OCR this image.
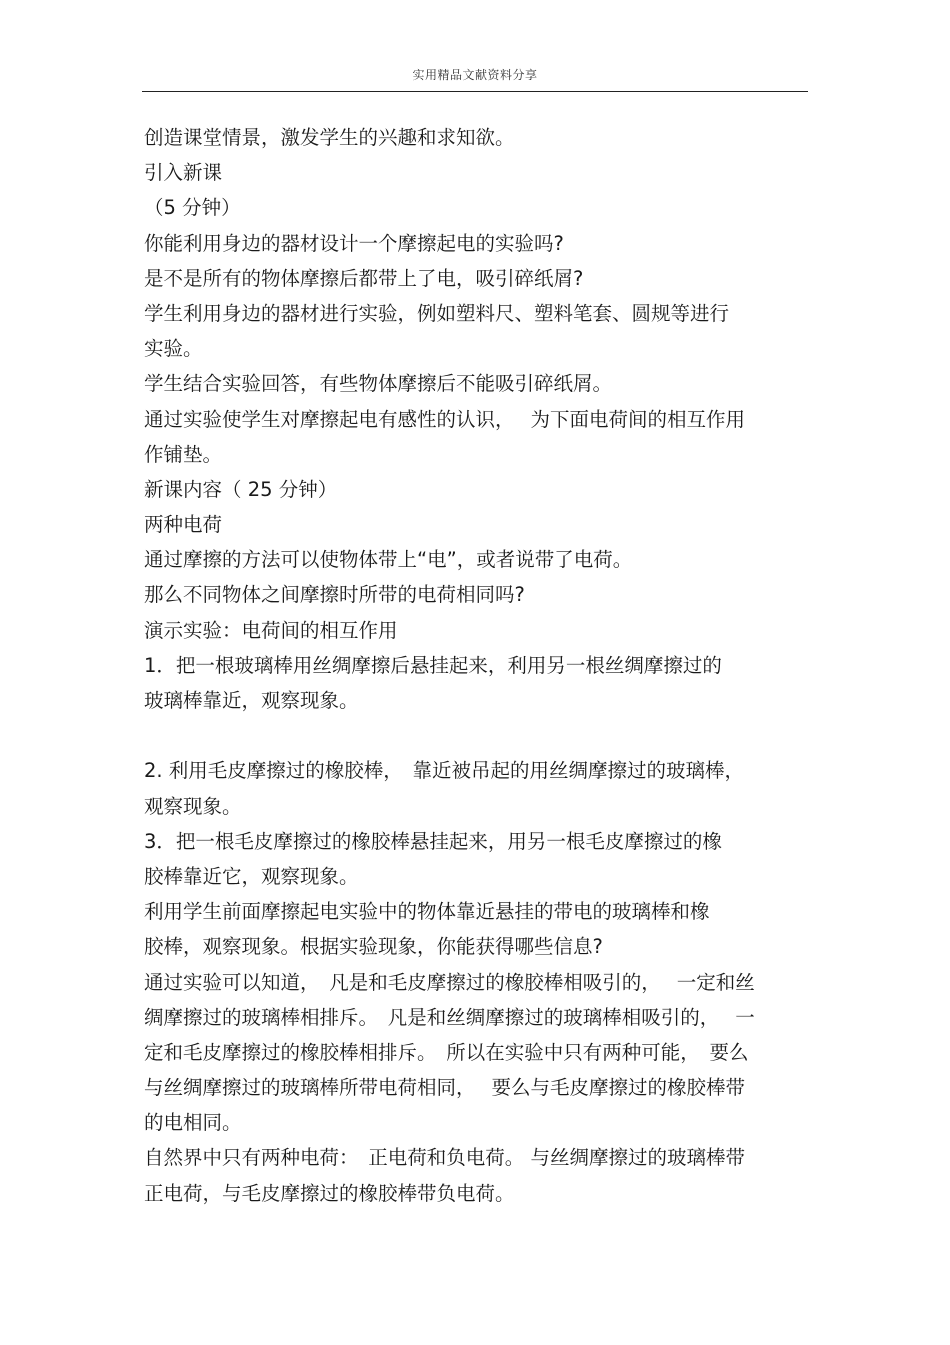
实用精品文献资料分享
创造课堂情景，激发学生的兴趣和求知欲。
引入新课
（5 分钟）
你能利用身边的器材设计一个摩擦起电的实验吗?
是不是所有的物体摩擦后都带上了电，吸引碎纸屑?
学生利用身边的器材进行实验，例如塑料尺、塑料笔套、圆规等进行
实验。
学生结合实验回答，有些物体摩擦后不能吸引碎纸屑。
通过实验使学生对摩擦起电有感性的认识，　 为下面电荷间的相互作用
作铺垫。
新课内容（ 25 分钟）
两种电荷
通过摩擦的方法可以使物体带上“电”，或者说带了电荷。
那么不同物体之间摩擦时所带的电荷相同吗?
演示实验：电荷间的相互作用
1．把一根玻璃棒用丝绸摩擦后悬挂起来，利用另一根丝绸摩擦过的
玻璃棒靠近，观察现象。
2. 利用毛皮摩擦过的橡胶棒，　靠近被吊起的用丝绸摩擦过的玻璃棒，
观察现象。
3．把一根毛皮摩擦过的橡胶棒悬挂起来，用另一根毛皮摩擦过的橡
胶棒靠近它，观察现象。
利用学生前面摩擦起电实验中的物体靠近悬挂的带电的玻璃棒和橡
胶棒，观察现象。根据实验现象，你能获得哪些信息?
通过实验可以知道，　凡是和毛皮摩擦过的橡胶棒相吸引的，　 一定和丝
绸摩擦过的玻璃棒相排斥。　凡是和丝绸摩擦过的玻璃棒相吸引的，　 一
定和毛皮摩擦过的橡胶棒相排斥。　所以在实验中只有两种可能，　要么
与丝绸摩擦过的玻璃棒所带电荷相同，　 要么与毛皮摩擦过的橡胶棒带
的电相同。
自然界中只有两种电荷：　正电荷和负电荷。 与丝绸摩擦过的玻璃棒带
正电荷，与毛皮摩擦过的橡胶棒带负电荷。
